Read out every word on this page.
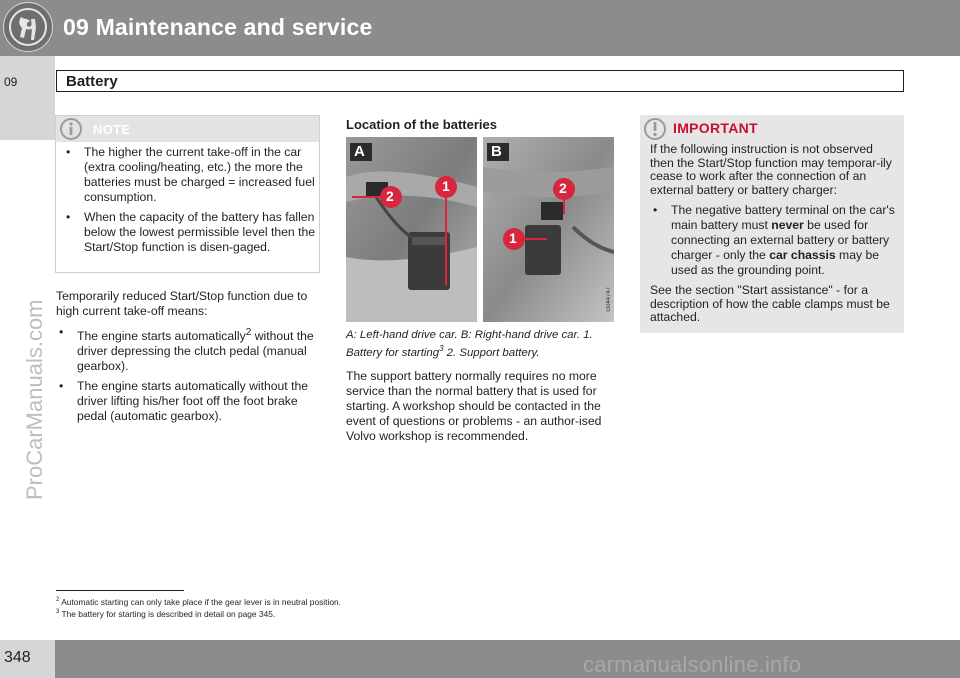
09 Maintenance and service
09	Battery
ProCarManuals.com
NOTE
• The higher the current take-off in the car (extra cooling/heating, etc.) the more the batteries must be charged = increased fuel consumption.
• When the capacity of the battery has fallen below the lowest permissible level then the Start/Stop function is disen-gaged.

Temporarily reduced Start/Stop function due to high current take-off means:

• The engine starts automatically$^2$ without the driver depressing the clutch pedal (manual gearbox).
• The engine starts automatically without the driver lifting his/her foot off the foot brake pedal (automatic gearbox).
Location of the batteries
A
2
1
B
2
1
G044747
A: Left-hand drive car. B: Right-hand drive car. 1. Battery for starting$^3$ 2. Support battery.
The support battery normally requires no more service than the normal battery that is used for starting. A workshop should be contacted in the event of questions or problems - an author-ised Volvo workshop is recommended.
IMPORTANT

If the following instruction is not observed then the Start/Stop function may temporar-ily cease to work after the connection of an external battery or battery charger:

• The negative battery terminal on the car's main battery must never be used for connecting an external battery or battery charger - only the car chassis may be used as the grounding point.

See the section "Start assistance" - for a description of how the cable clamps must be attached.

$^2$ Automatic starting can only take place if the gear lever is in neutral position.
$^3$ The battery for starting is described in detail on page 345.
348	carmanualsonline.info
